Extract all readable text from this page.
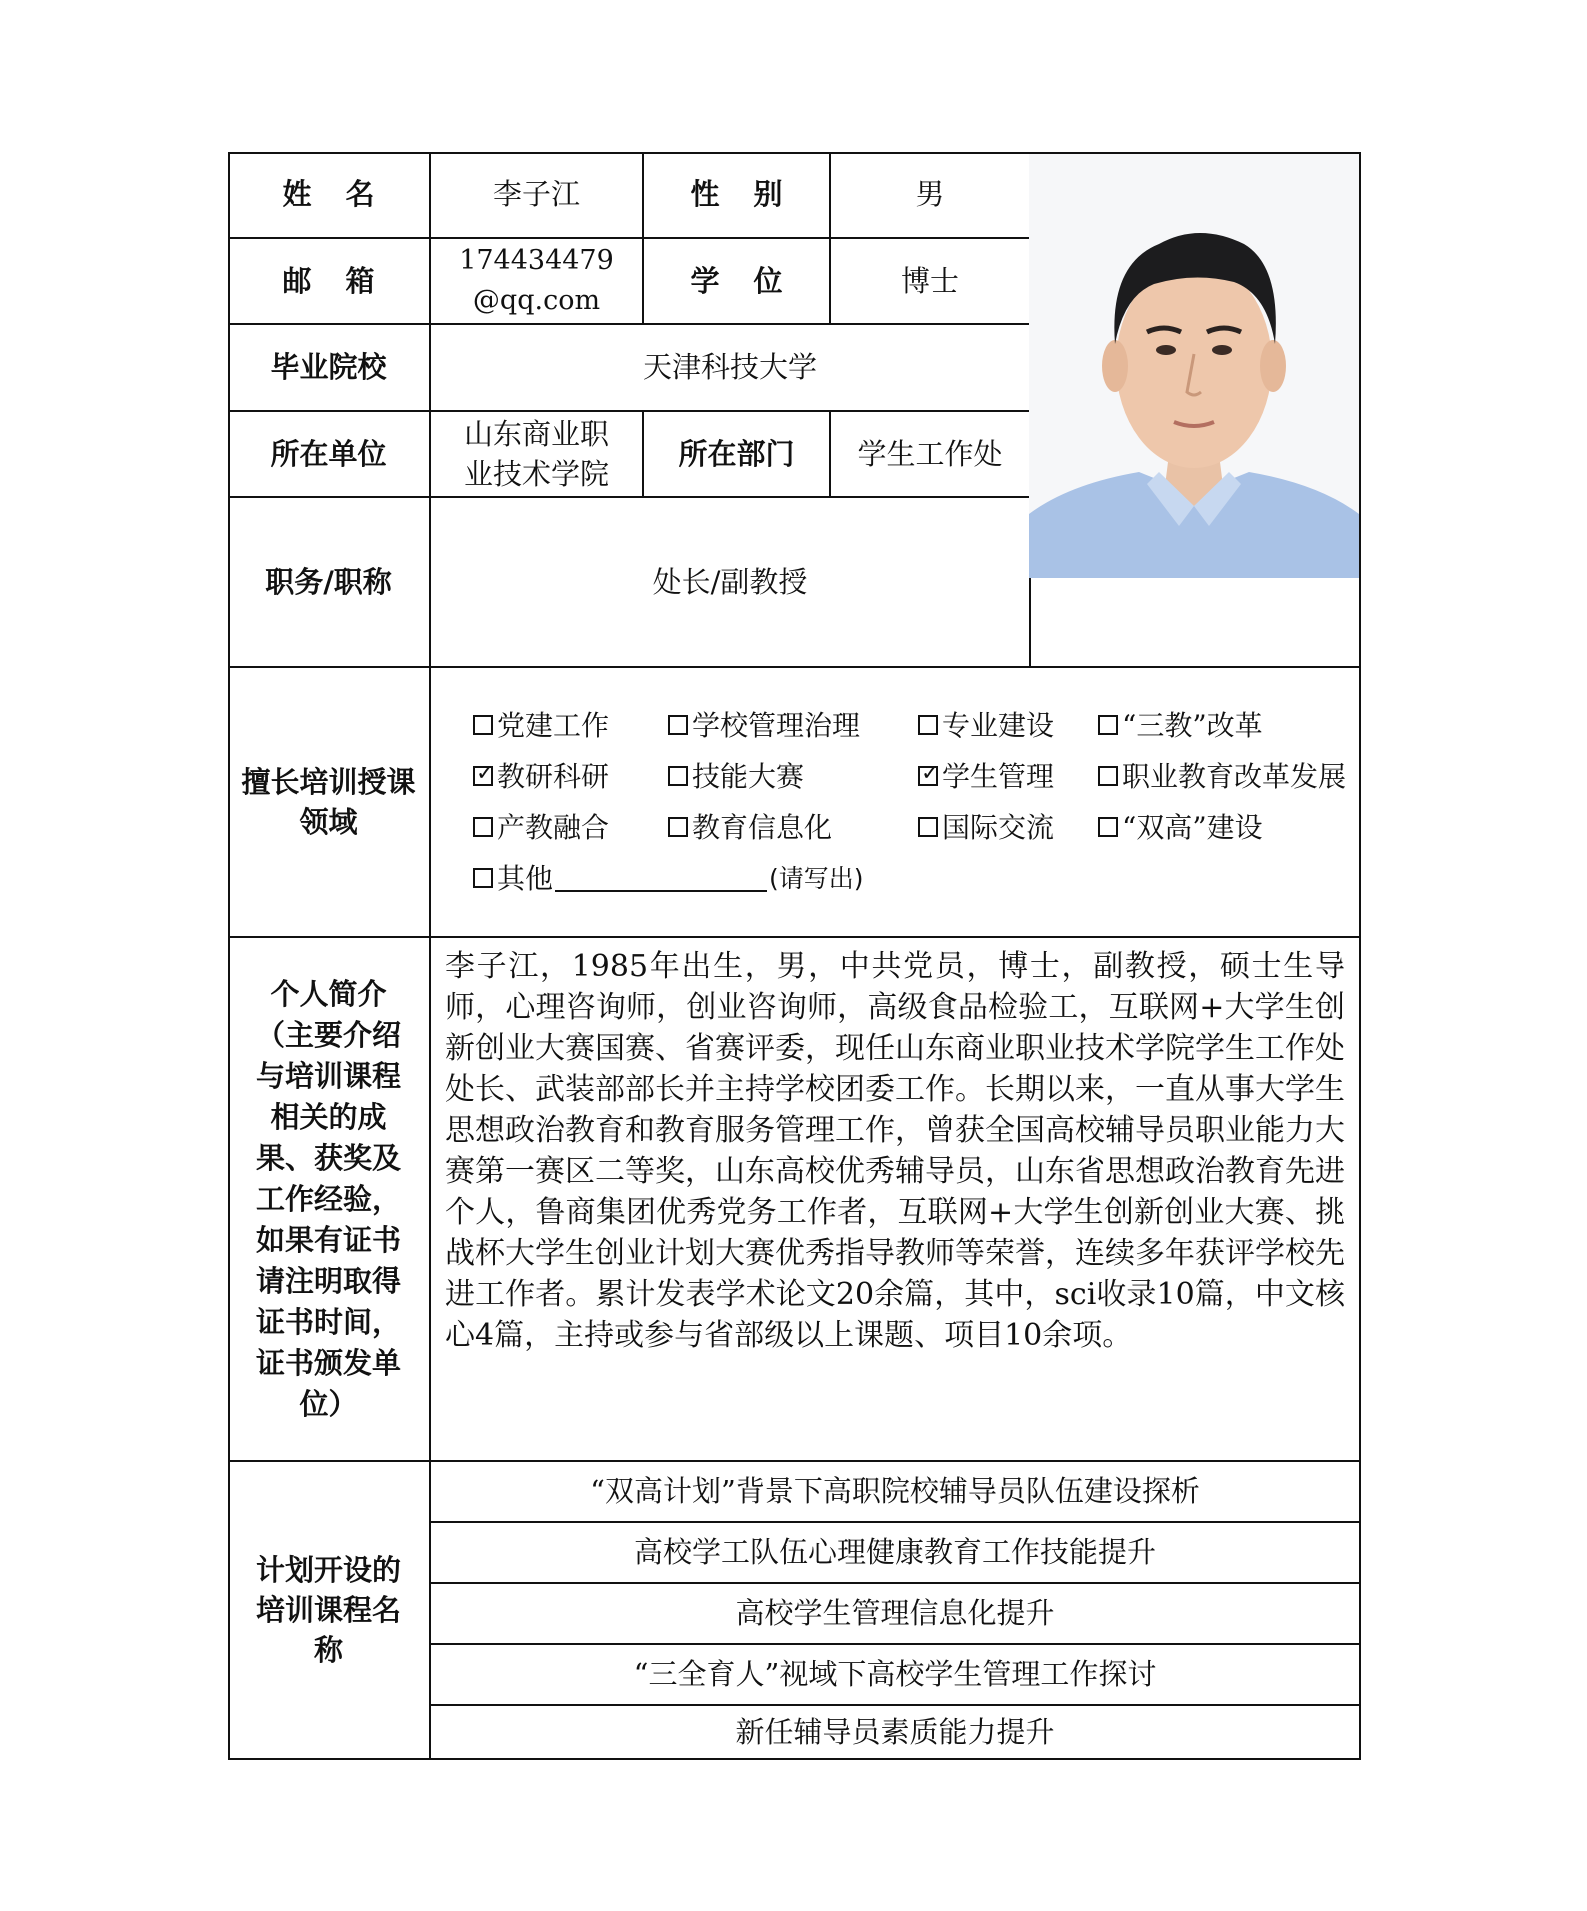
姓名	李子江	性别	男
邮箱
174434479
@qq.com
学位	博士
毕业院校	天津科技大学
所在单位
山东商业职业技术学院
所在部门	学生工作处
职务/职称	处长/副教授
擅长培训授课领域
党建工作	学校管理治理	专业建设 “三教”改革
✓
教研科研	技能大赛
✓	学生管理 职业教育改革发展
产教融合	教育信息化	国际交流 “双高”建设
其他	(请写出)
个人简介（主要介绍与培训课程相关的成果、获奖及工作经验，如果有证书请注明取得证书时间，证书颁发单位）
李子江，1985年出生，男，中共党员，博士，副教授，硕士生导师，心理咨询师，创业咨询师，高级食品检验工，互联网+大学生创新创业大赛国赛、省赛评委，现任山东商业职业技术学院学生工作处处长、武装部部长并主持学校团委工作。长期以来，一直从事大学生思想政治教育和教育服务管理工作，曾获全国高校辅导员职业能力大赛第一赛区二等奖，山东高校优秀辅导员，山东省思想政治教育先进个人，鲁商集团优秀党务工作者，互联网+大学生创新创业大赛、挑战杯大学生创业计划大赛优秀指导教师等荣誉，连续多年获评学校先进工作者。累计发表学术论文20余篇，其中，sci收录10篇，中文核心4篇，主持或参与省部级以上课题、项目10余项。
计划开设的培训课程名称
“双高计划”背景下高职院校辅导员队伍建设探析
高校学工队伍心理健康教育工作技能提升
高校学生管理信息化提升
“三全育人”视域下高校学生管理工作探讨
新任辅导员素质能力提升
